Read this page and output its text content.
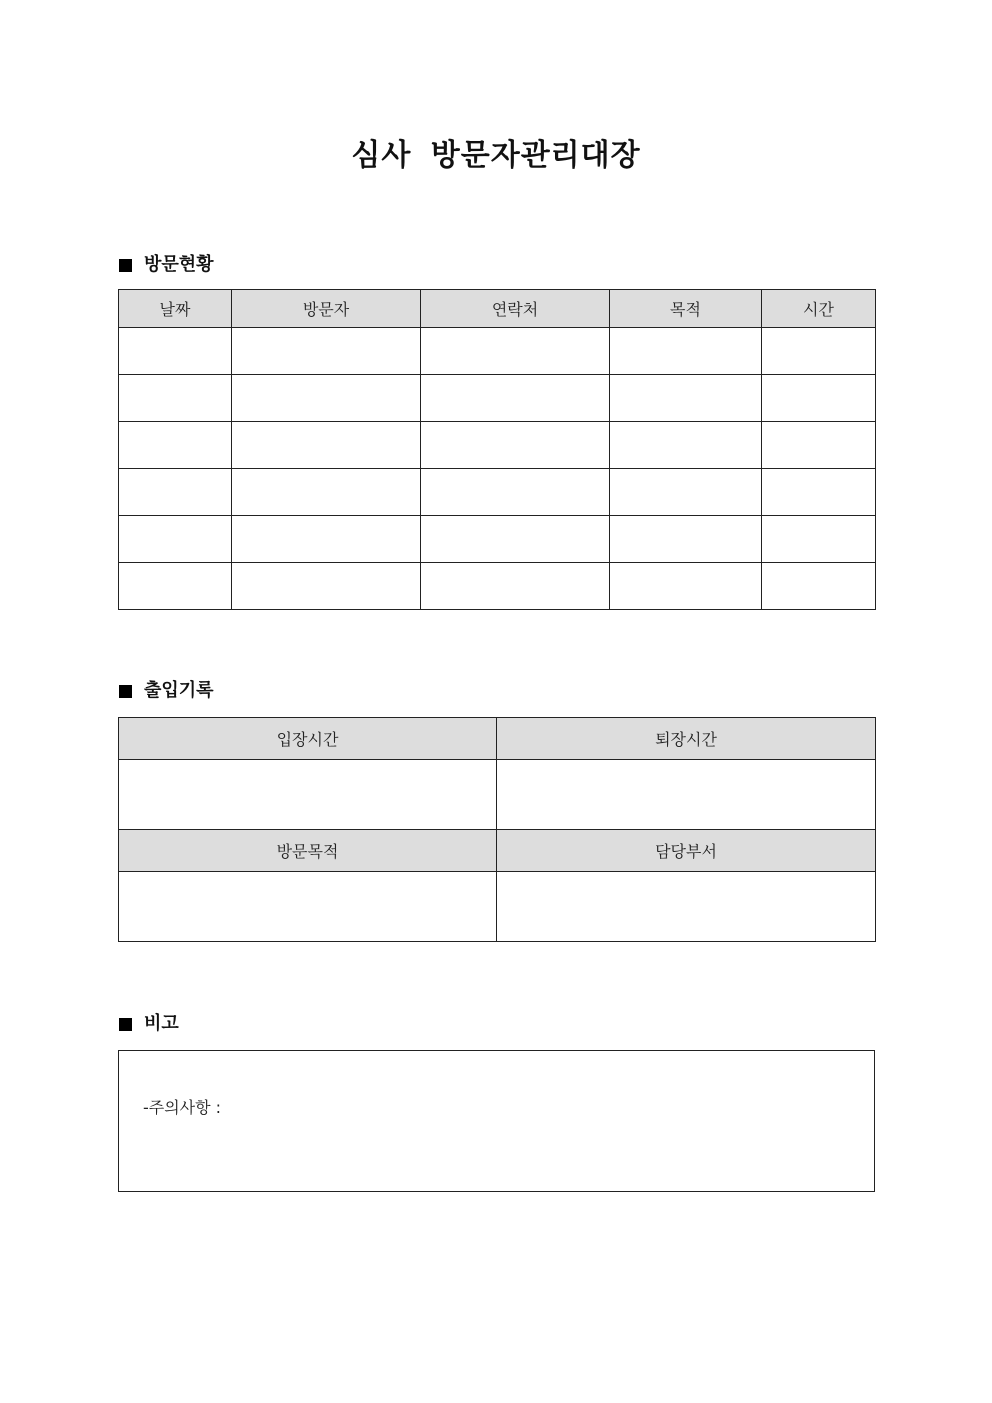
심사 방문자관리대장
방문현황
날짜	방문자	연락처	목적	시간

출입기록
입장시간	퇴장시간

방문목적	담당부서

비고
-주의사항 :
